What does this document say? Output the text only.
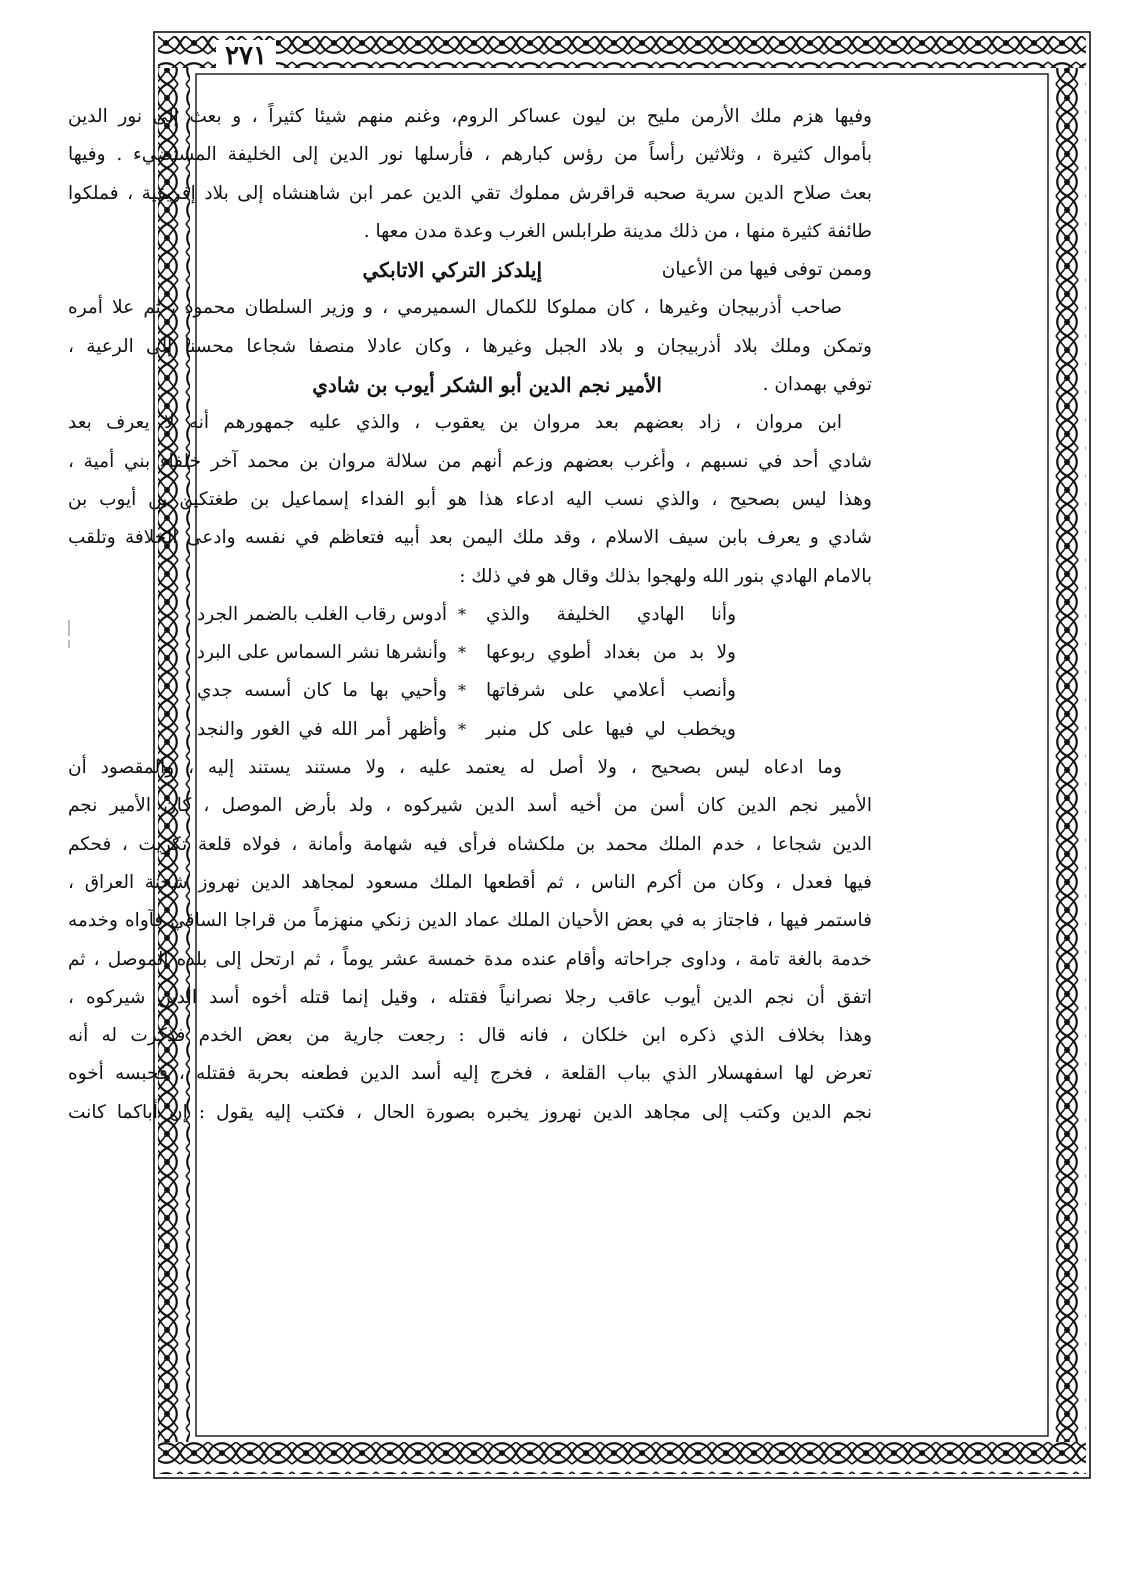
٢٧١
وفيها هزم ملك الأرمن مليح بن ليون عساكر الروم، وغنم منهم شيئا كثيراً ، و بعث إلى نور الدين
بأموال كثيرة ، وثلاثين رأساً من رؤس كبارهم ، فأرسلها نور الدين إلى الخليفة المستضيء . وفيها
بعث صلاح الدين سرية صحبه قراقرش مملوك تقي الدين عمر ابن شاهنشاه إلى بلاد إفريقية ، فملكوا
طائفة كثيرة منها ، من ذلك مدينة طرابلس الغرب وعدة مدن معها .
وممن توفى فيها من الأعيان
إيلدكز التركي الاتابكي
صاحب أذربيجان وغيرها ، كان مملوكا للكمال السميرمي ، و وزير السلطان محمود ، ثم علا أمره
وتمكن وملك بلاد أذربيجان و بلاد الجبل وغيرها ، وكان عادلا منصفا شجاعا محسنا إلى الرعية ،
توفي بهمدان .
الأمير نجم الدين أبو الشكر أيوب بن شادي
ابن مروان ، زاد بعضهم بعد مروان بن يعقوب ، والذي عليه جمهورهم أنه لا يعرف بعد
شادي أحد في نسبهم ، وأغرب بعضهم وزعم أنهم من سلالة مروان بن محمد آخر خلفاء بني أمية ،
وهذا ليس بصحيح ، والذي نسب اليه ادعاء هذا هو أبو الفداء إسماعيل بن طغتكين بن أيوب بن
شادي و يعرف بابن سيف الاسلام ، وقد ملك اليمن بعد أبيه فتعاظم في نفسه وادعى الخلافة وتلقب
بالامام الهادي بنور الله ولهجوا بذلك وقال هو في ذلك :
وأنا الهادي الخليفة والذي
*
أدوس رقاب الغلب بالضمر الجرد
ولا بد من بغداد أطوي ربوعها
*
وأنشرها نشر السماس على البرد
وأنصب أعلامي على شرفاتها
*
وأحيي بها ما كان أسسه جدي
ويخطب لي فيها على كل منبر
*
وأظهر أمر الله في الغور والنجد
وما ادعاه ليس بصحيح ، ولا أصل له يعتمد عليه ، ولا مستند يستند إليه ، والمقصود أن
الأمير نجم الدين كان أسن من أخيه أسد الدين شيركوه ، ولد بأرض الموصل ، كان الأمير نجم
الدين شجاعا ، خدم الملك محمد بن ملكشاه فرأى فيه شهامة وأمانة ، فولاه قلعة تكريت ، فحكم
فيها فعدل ، وكان من أكرم الناس ، ثم أقطعها الملك مسعود لمجاهد الدين نهروز شحنة العراق ،
فاستمر فيها ، فاجتاز به في بعض الأحيان الملك عماد الدين زنكي منهزماً من قراجا الساقي فآواه وخدمه
خدمة بالغة تامة ، وداوى جراحاته وأقام عنده مدة خمسة عشر يوماً ، ثم ارتحل إلى بلده الموصل ، ثم
اتفق أن نجم الدين أيوب عاقب رجلا نصرانياً فقتله ، وقيل إنما قتله أخوه أسد الدين شيركوه ،
وهذا بخلاف الذي ذكره ابن خلكان ، فانه قال : رجعت جارية من بعض الخدم فذكرت له أنه
تعرض لها اسفهسلار الذي بباب القلعة ، فخرج إليه أسد الدين فطعنه بحربة فقتله ، فحبسه أخوه
نجم الدين وكتب إلى مجاهد الدين نهروز يخبره بصورة الحال ، فكتب إليه يقول : إن أباكما كانت
